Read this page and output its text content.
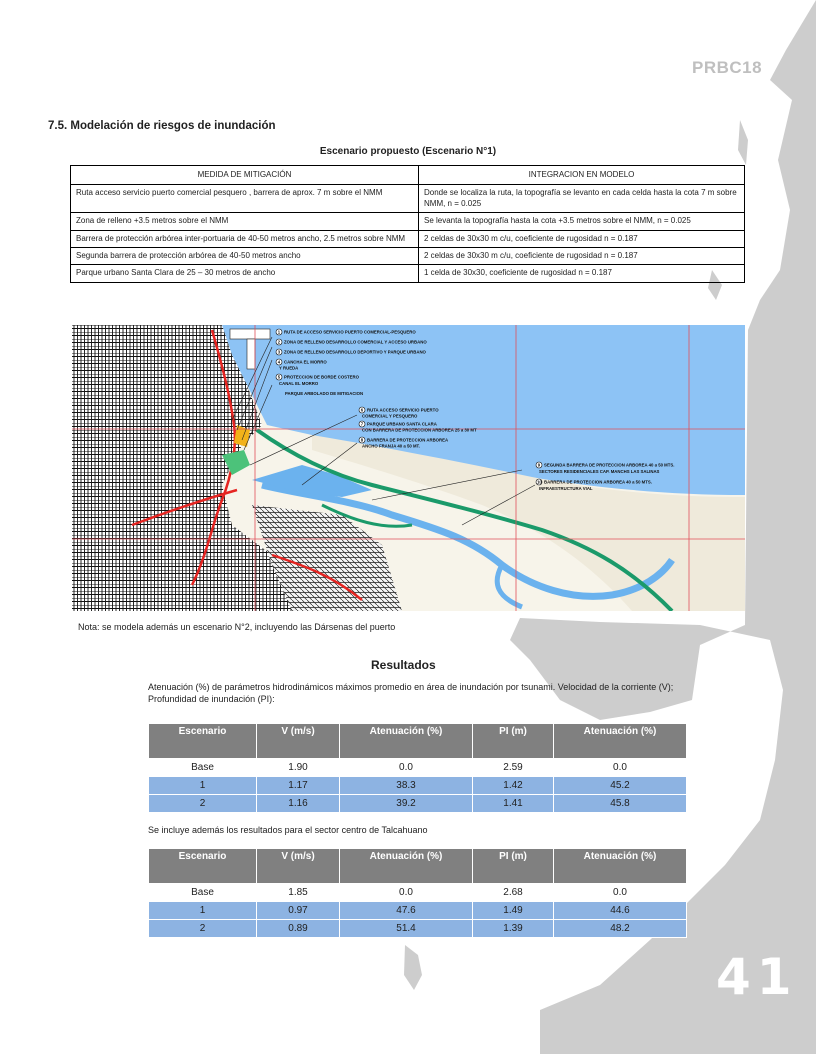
PRBC18
41
7.5. Modelación de riesgos de inundación
Escenario propuesto (Escenario N°1)
MEDIDA DE MITIGACIÓN	INTEGRACION EN MODELO
Ruta acceso servicio puerto comercial pesquero , barrera de aprox. 7 m sobre el NMM	Donde se localiza la ruta, la topografía se levanto en cada celda hasta la cota 7 m sobre NMM, n = 0.025
Zona de relleno +3.5 metros sobre el NMM	Se levanta la topografía hasta la cota +3.5 metros sobre el NMM, n = 0.025
Barrera de protección arbórea inter-portuaria de 40-50 metros ancho, 2.5 metros sobre NMM	2 celdas de 30x30 m c/u, coeficiente de rugosidad n = 0.187
Segunda barrera de protección arbórea de 40-50 metros ancho	2 celdas de 30x30 m c/u, coeficiente de rugosidad n = 0.187
Parque urbano Santa Clara de 25 – 30 metros de ancho	1 celda de 30x30, coeficiente de rugosidad n = 0.187
1 RUTA DE ACCESO SERVICIO PUERTO COMERCIAL-PESQUERO
2 ZONA DE RELLENO DESARROLLO COMERCIAL Y ACCESO URBANO
3 ZONA DE RELLENO DESARROLLO DEPORTIVO Y PARQUE URBANO
4 CANCHA EL MORRO
Y RUEDA
5 PROTECCION DE BORDE COSTERO
CANAL EL MORRO
PARQUE ARBOLADO DE MITIGACION
6 RUTA ACCESO SERVICIO PUERTO
COMERCIAL Y PESQUERO
7 PARQUE URBANO SANTA CLARA
CON BARRERA DE PROTECCION ARBOREA 25 a 30 MT
8 BARRERA DE PROTECCION ARBOREA
ANCHO FRANJA 40 a 50 MT.
9 SEGUNDA BARRERA DE PROTECCION ARBOREA 40 a 50 MTS.
SECTORES RESIDENCIALES CAP. MANCHS LAS SALINAS
10 BARRERA DE PROTECCION ARBOREA 40 a 50 MTS.
INFRAESTRUCTURA VIAL
Nota: se modela además un escenario N°2, incluyendo las Dársenas del puerto
Resultados
Atenuación (%) de parámetros hidrodinámicos máximos promedio en área de inundación por tsunami. Velocidad de la corriente (V); Profundidad de inundación (PI):
Escenario	V (m/s)	Atenuación (%)	PI (m)	Atenuación (%)
Base	1.90	0.0	2.59	0.0
1	1.17	38.3	1.42	45.2
2	1.16	39.2	1.41	45.8
Se incluye además los resultados para el sector centro de Talcahuano
Escenario	V (m/s)	Atenuación (%)	PI (m)	Atenuación (%)
Base	1.85	0.0	2.68	0.0
1	0.97	47.6	1.49	44.6
2	0.89	51.4	1.39	48.2
